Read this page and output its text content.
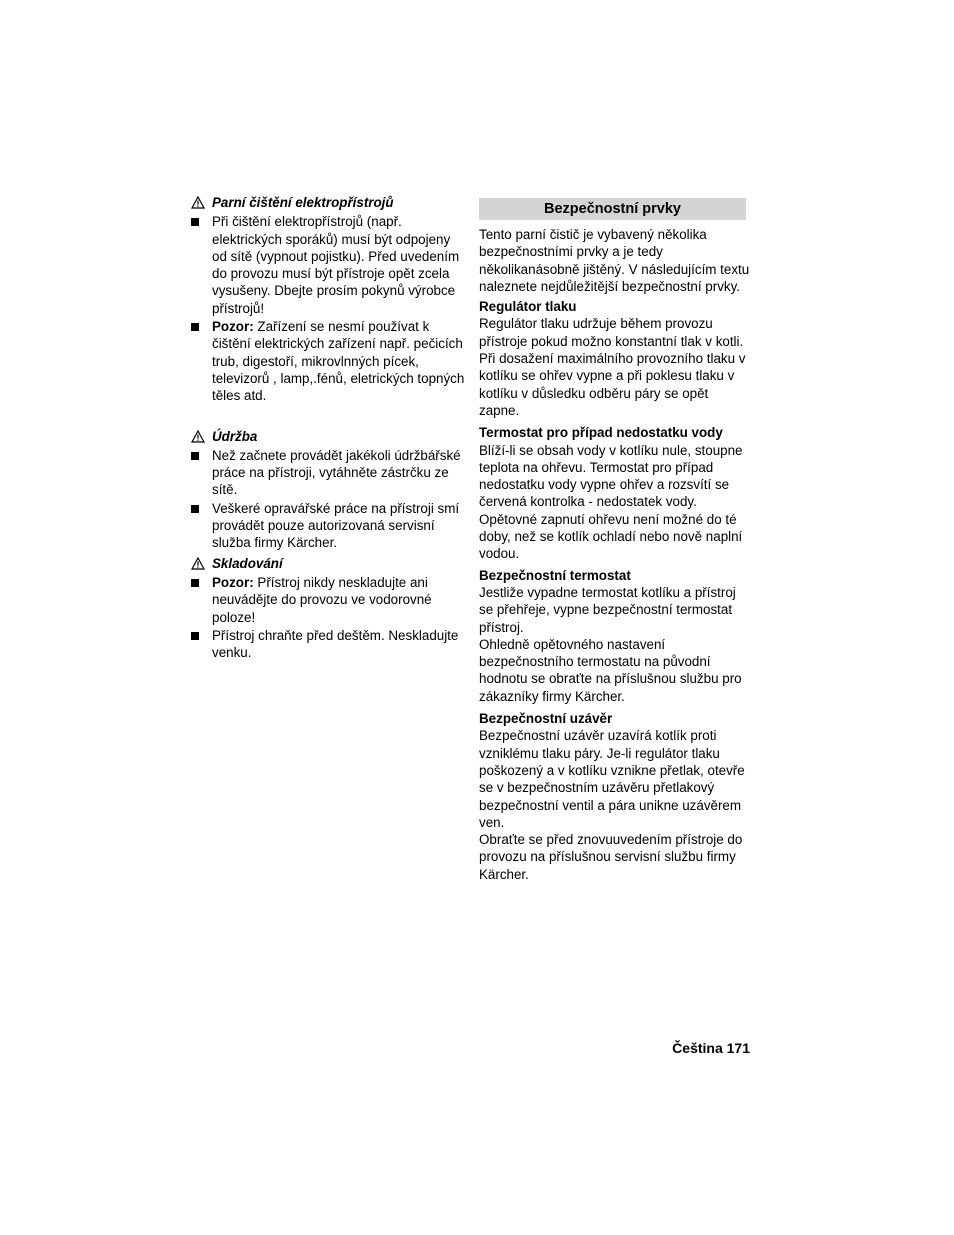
Parní čištění elektropřístrojů
Při čištění elektropřístrojů (např. elektrických sporáků) musí být odpojeny od sítě (vypnout pojistku). Před uvedením do provozu musí být přístroje opět zcela vysušeny. Dbejte prosím pokynů výrobce přístrojů!
Pozor: Zařízení se nesmí používat k čištění elektrických zařízení např. pečicích trub, digestoří, mikrovlnných pícek, televizorů , lamp,.fénů, eletrických topných těles atd.
Údržba
Než začnete provádět jakékoli údržbářské práce na přístroji, vytáhněte zástrčku ze sítě.
Veškeré opravářské práce na přístroji smí provádět pouze autorizovaná servisní služba firmy Kärcher.
Skladování
Pozor: Přístroj nikdy neskladujte ani neuvádějte do provozu ve vodorovné poloze!
Přístroj chraňte před deštěm. Neskladujte venku.
Bezpečnostní prvky
Tento parní čistič je vybavený několika bezpečnostními prvky a je tedy několikanásobně jištěný. V následujícím textu naleznete nejdůležitější bezpečnostní prvky.
Regulátor tlaku
Regulátor tlaku udržuje během provozu přístroje pokud možno konstantní tlak v kotli. Při dosažení maximálního provozního tlaku v kotlíku se ohřev vypne a při poklesu tlaku v kotlíku v důsledku odběru páry se opět zapne.
Termostat pro případ nedostatku vody
Blíží-li se obsah vody v kotlíku nule, stoupne teplota na ohřevu. Termostat pro případ nedostatku vody vypne ohřev a rozsvítí se červená kontrolka - nedostatek vody.
Opětovné zapnutí ohřevu není možné do té doby, než se kotlík ochladí nebo nově naplní vodou.
Bezpečnostní termostat
Jestliže vypadne termostat kotlíku a přístroj se přehřeje, vypne bezpečnostní termostat přístroj.
Ohledně opětovného nastavení bezpečnostního termostatu na původní hodnotu se obraťte na příslušnou službu pro zákazníky firmy Kärcher.
Bezpečnostní uzávěr
Bezpečnostní uzávěr uzavírá kotlík proti vzniklému tlaku páry. Je-li regulátor tlaku poškozený a v kotlíku vznikne přetlak, otevře se v bezpečnostním uzávěru přetlakový bezpečnostní ventil a pára unikne uzávěrem ven.
Obraťte se před znovuuvedením přístroje do provozu na příslušnou servisní službu firmy Kärcher.
Čeština 171
